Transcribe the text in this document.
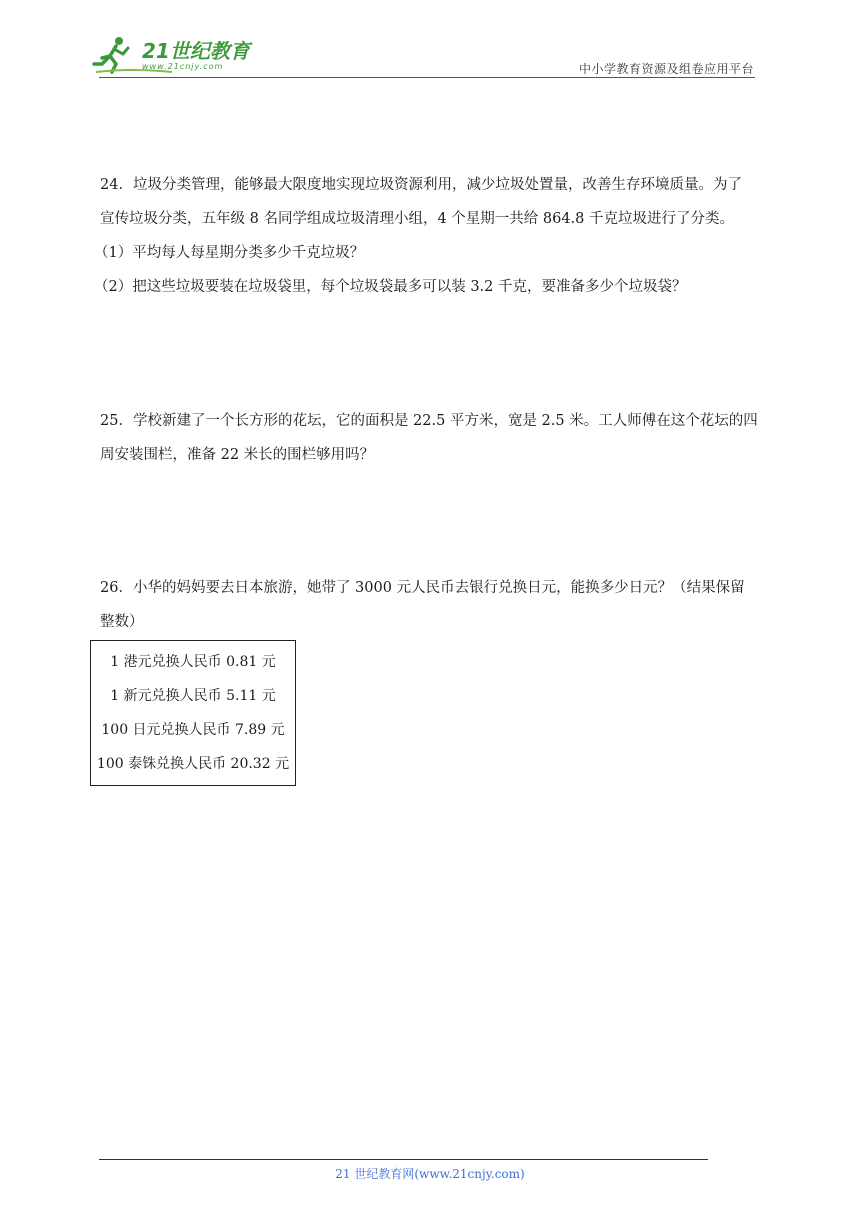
21世纪教育
www.21cnjy.com	中小学教育资源及组卷应用平台

24．垃圾分类管理，能够最大限度地实现垃圾资源利用，减少垃圾处置量，改善生存环境质量。为了

宣传垃圾分类，五年级 8 名同学组成垃圾清理小组，4 个星期一共给 864.8 千克垃圾进行了分类。

（1）平均每人每星期分类多少千克垃圾？

（2）把这些垃圾要装在垃圾袋里，每个垃圾袋最多可以装 3.2 千克，要准备多少个垃圾袋？

25．学校新建了一个长方形的花坛，它的面积是 22.5 平方米，宽是 2.5 米。工人师傅在这个花坛的四

周安装围栏，准备 22 米长的围栏够用吗？

26．小华的妈妈要去日本旅游，她带了 3000 元人民币去银行兑换日元，能换多少日元？（结果保留

整数）

1 港元兑换人民币 0.81 元
1 新元兑换人民币 5.11 元
100 日元兑换人民币 7.89 元
100 泰铢兑换人民币 20.32 元
21 世纪教育网(www.21cnjy.com)
